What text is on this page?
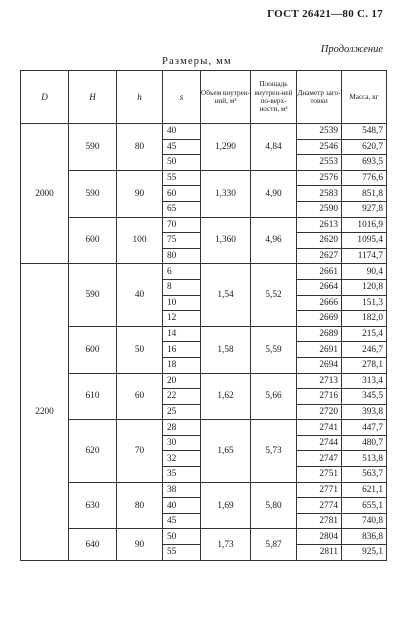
ГОСТ 26421—80 С. 17
Продолжение
Размеры, мм
D	H	h	s	Объем внутрен-ний, м³	Площадь внутрен-ней по-верх-ности, м²	Диаметр заго-товки	Масса, кг
2000	590	80	40	1,290	4,84	2539	548,7
			45			2546	620,7
			50			2553	693,5
	590	90	55	1,330	4,90	2576	776,6
			60			2583	851,8
			65			2590	927,8
	600	100	70	1,360	4,96	2613	1016,9
			75			2620	1095,4
			80			2627	1174,7
2200	590	40	6	1,54	5,52	2661	90,4
			8			2664	120,8
			10			2666	151,3
			12			2669	182,0
	600	50	14	1,58	5,59	2689	215,4
			16			2691	246,7
			18			2694	278,1
	610	60	20	1,62	5,66	2713	313,4
			22			2716	345,5
			25			2720	393,8
	620	70	28	1,65	5,73	2741	447,7
			30			2744	480,7
			32			2747	513,8
			35			2751	563,7
	630	80	38	1,69	5,80	2771	621,1
			40			2774	655,1
			45			2781	740,8
	640	90	50	1,73	5,87	2804	836,8
			55			2811	925,1
